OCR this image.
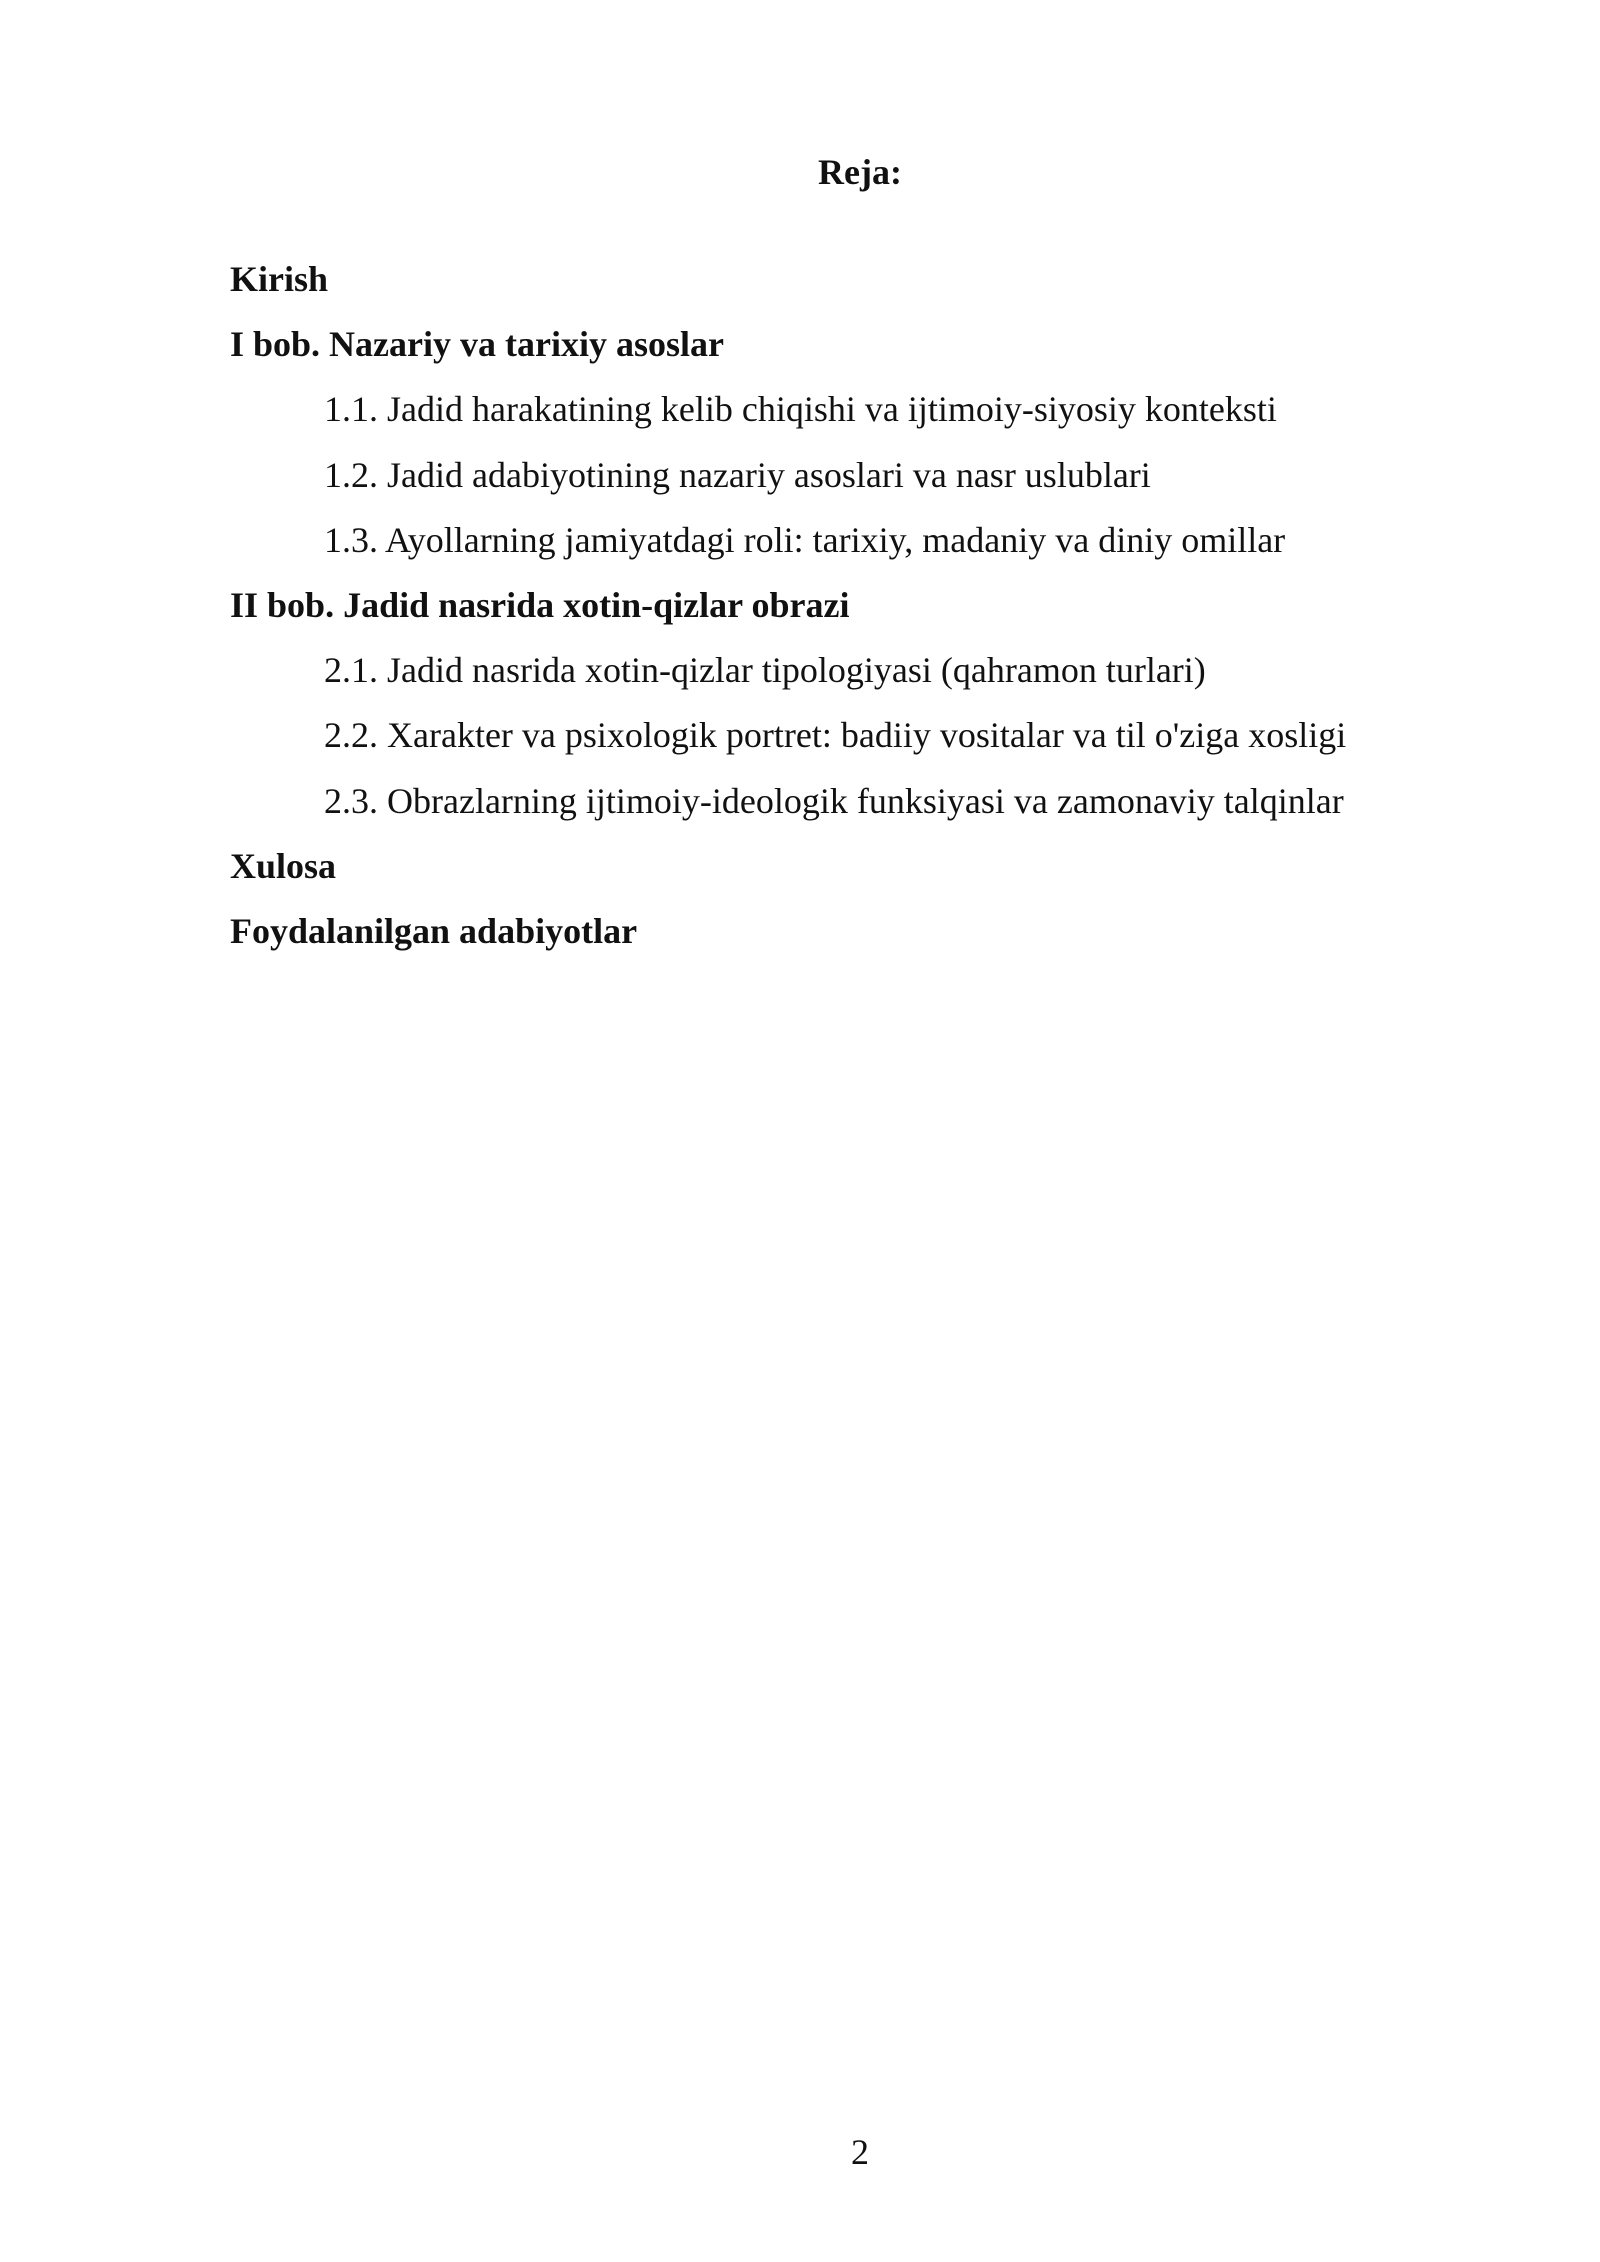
Reja:
Kirish
I bob. Nazariy va tarixiy asoslar
1.1. Jadid harakatining kelib chiqishi va ijtimoiy-siyosiy konteksti
1.2. Jadid adabiyotining nazariy asoslari va nasr uslublari
1.3. Ayollarning jamiyatdagi roli: tarixiy, madaniy va diniy omillar
II bob. Jadid nasrida xotin-qizlar obrazi
2.1. Jadid nasrida xotin-qizlar tipologiyasi (qahramon turlari)
2.2. Xarakter va psixologik portret: badiiy vositalar va til o'ziga xosligi
2.3. Obrazlarning ijtimoiy-ideologik funksiyasi va zamonaviy talqinlar
Xulosa
Foydalanilgan adabiyotlar
2
